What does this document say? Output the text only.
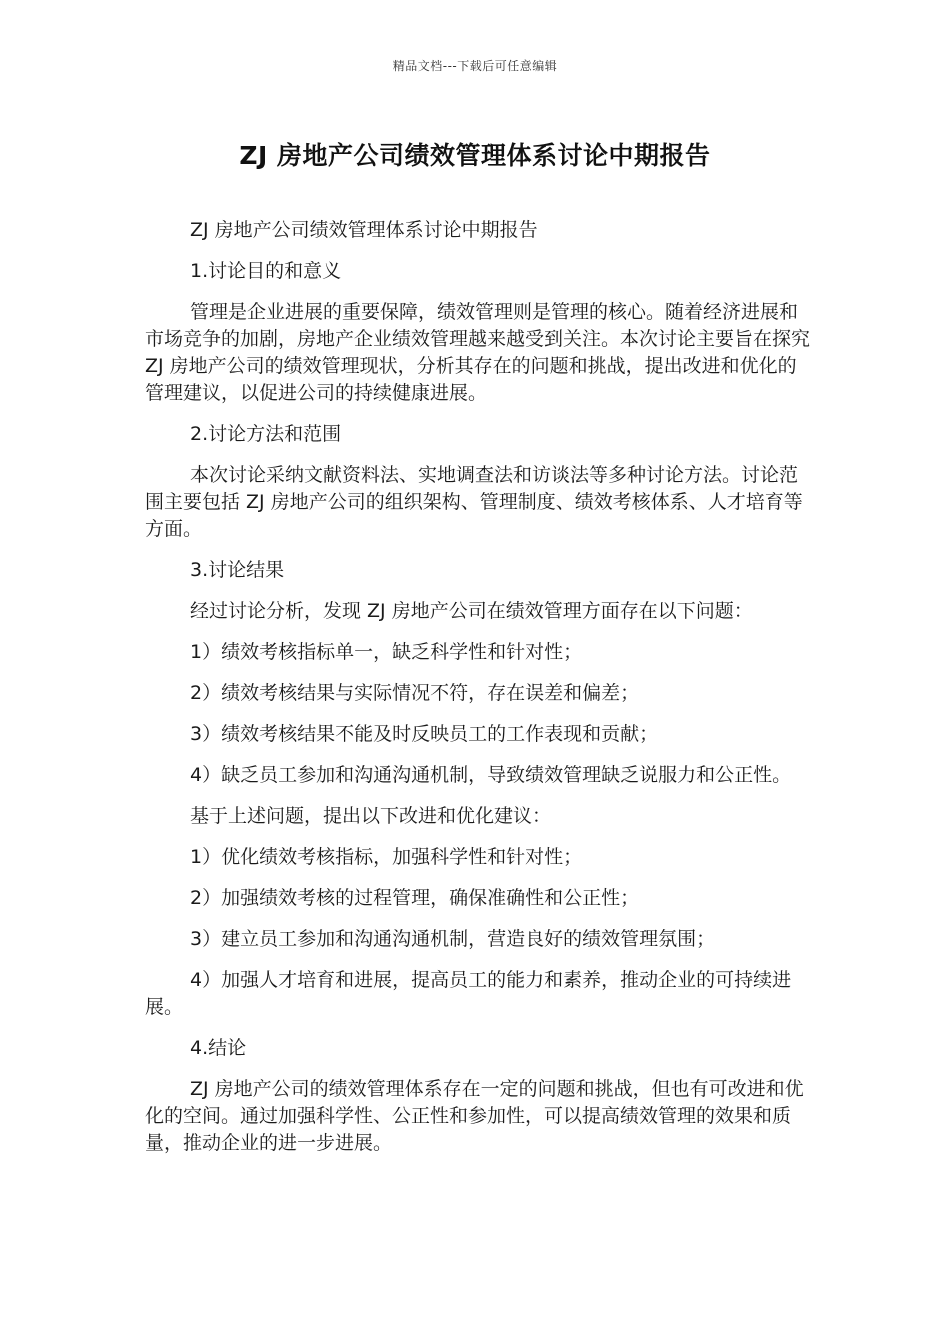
精品文档---下载后可任意编辑
ZJ 房地产公司绩效管理体系讨论中期报告

ZJ 房地产公司绩效管理体系讨论中期报告

1.讨论目的和意义

管理是企业进展的重要保障，绩效管理则是管理的核心。随着经济进展和市场竞争的加剧，房地产企业绩效管理越来越受到关注。本次讨论主要旨在探究 ZJ 房地产公司的绩效管理现状，分析其存在的问题和挑战，提出改进和优化的管理建议，以促进公司的持续健康进展。

2.讨论方法和范围

本次讨论采纳文献资料法、实地调查法和访谈法等多种讨论方法。讨论范围主要包括 ZJ 房地产公司的组织架构、管理制度、绩效考核体系、人才培育等方面。

3.讨论结果

经过讨论分析，发现 ZJ 房地产公司在绩效管理方面存在以下问题：

1）绩效考核指标单一，缺乏科学性和针对性；

2）绩效考核结果与实际情况不符，存在误差和偏差；

3）绩效考核结果不能及时反映员工的工作表现和贡献；

4）缺乏员工参加和沟通沟通机制，导致绩效管理缺乏说服力和公正性。

基于上述问题，提出以下改进和优化建议：

1）优化绩效考核指标，加强科学性和针对性；

2）加强绩效考核的过程管理，确保准确性和公正性；

3）建立员工参加和沟通沟通机制，营造良好的绩效管理氛围；

4）加强人才培育和进展，提高员工的能力和素养，推动企业的可持续进展。

4.结论

ZJ 房地产公司的绩效管理体系存在一定的问题和挑战，但也有可改进和优化的空间。通过加强科学性、公正性和参加性，可以提高绩效管理的效果和质量，推动企业的进一步进展。
